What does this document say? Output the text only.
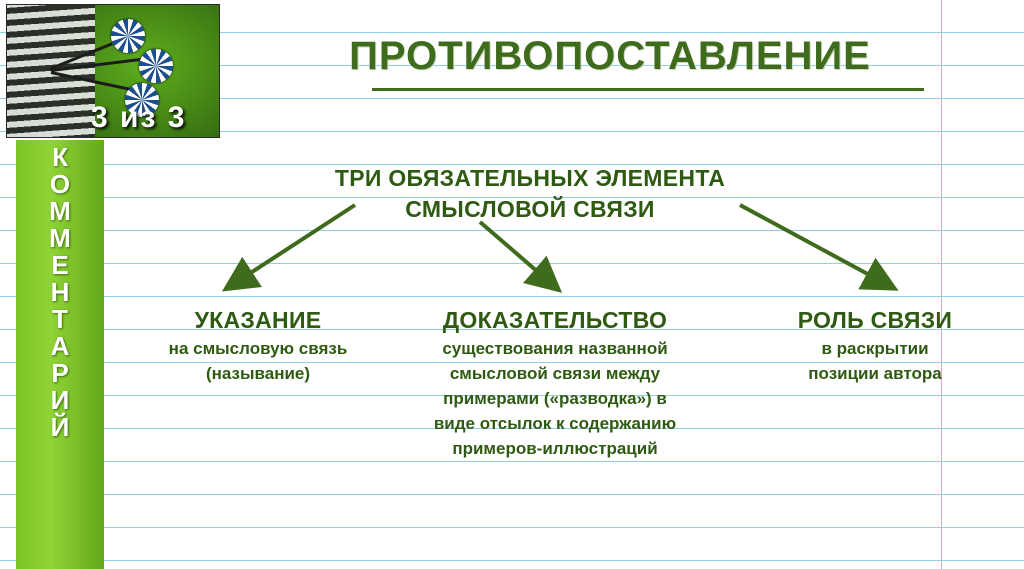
ПРОТИВОПОСТАВЛЕНИЕ
3 из 3
К
О
М
М
Е
Н
Т
А
Р
И
Й
ТРИ ОБЯЗАТЕЛЬНЫХ ЭЛЕМЕНТА
СМЫСЛОВОЙ СВЯЗИ
УКАЗАНИЕ
на смысловую связь
(называние)
ДОКАЗАТЕЛЬСТВО
существования названной
смысловой связи между
примерами («разводка») в
виде отсылок к содержанию
примеров-иллюстраций
РОЛЬ СВЯЗИ
в раскрытии
позиции автора
